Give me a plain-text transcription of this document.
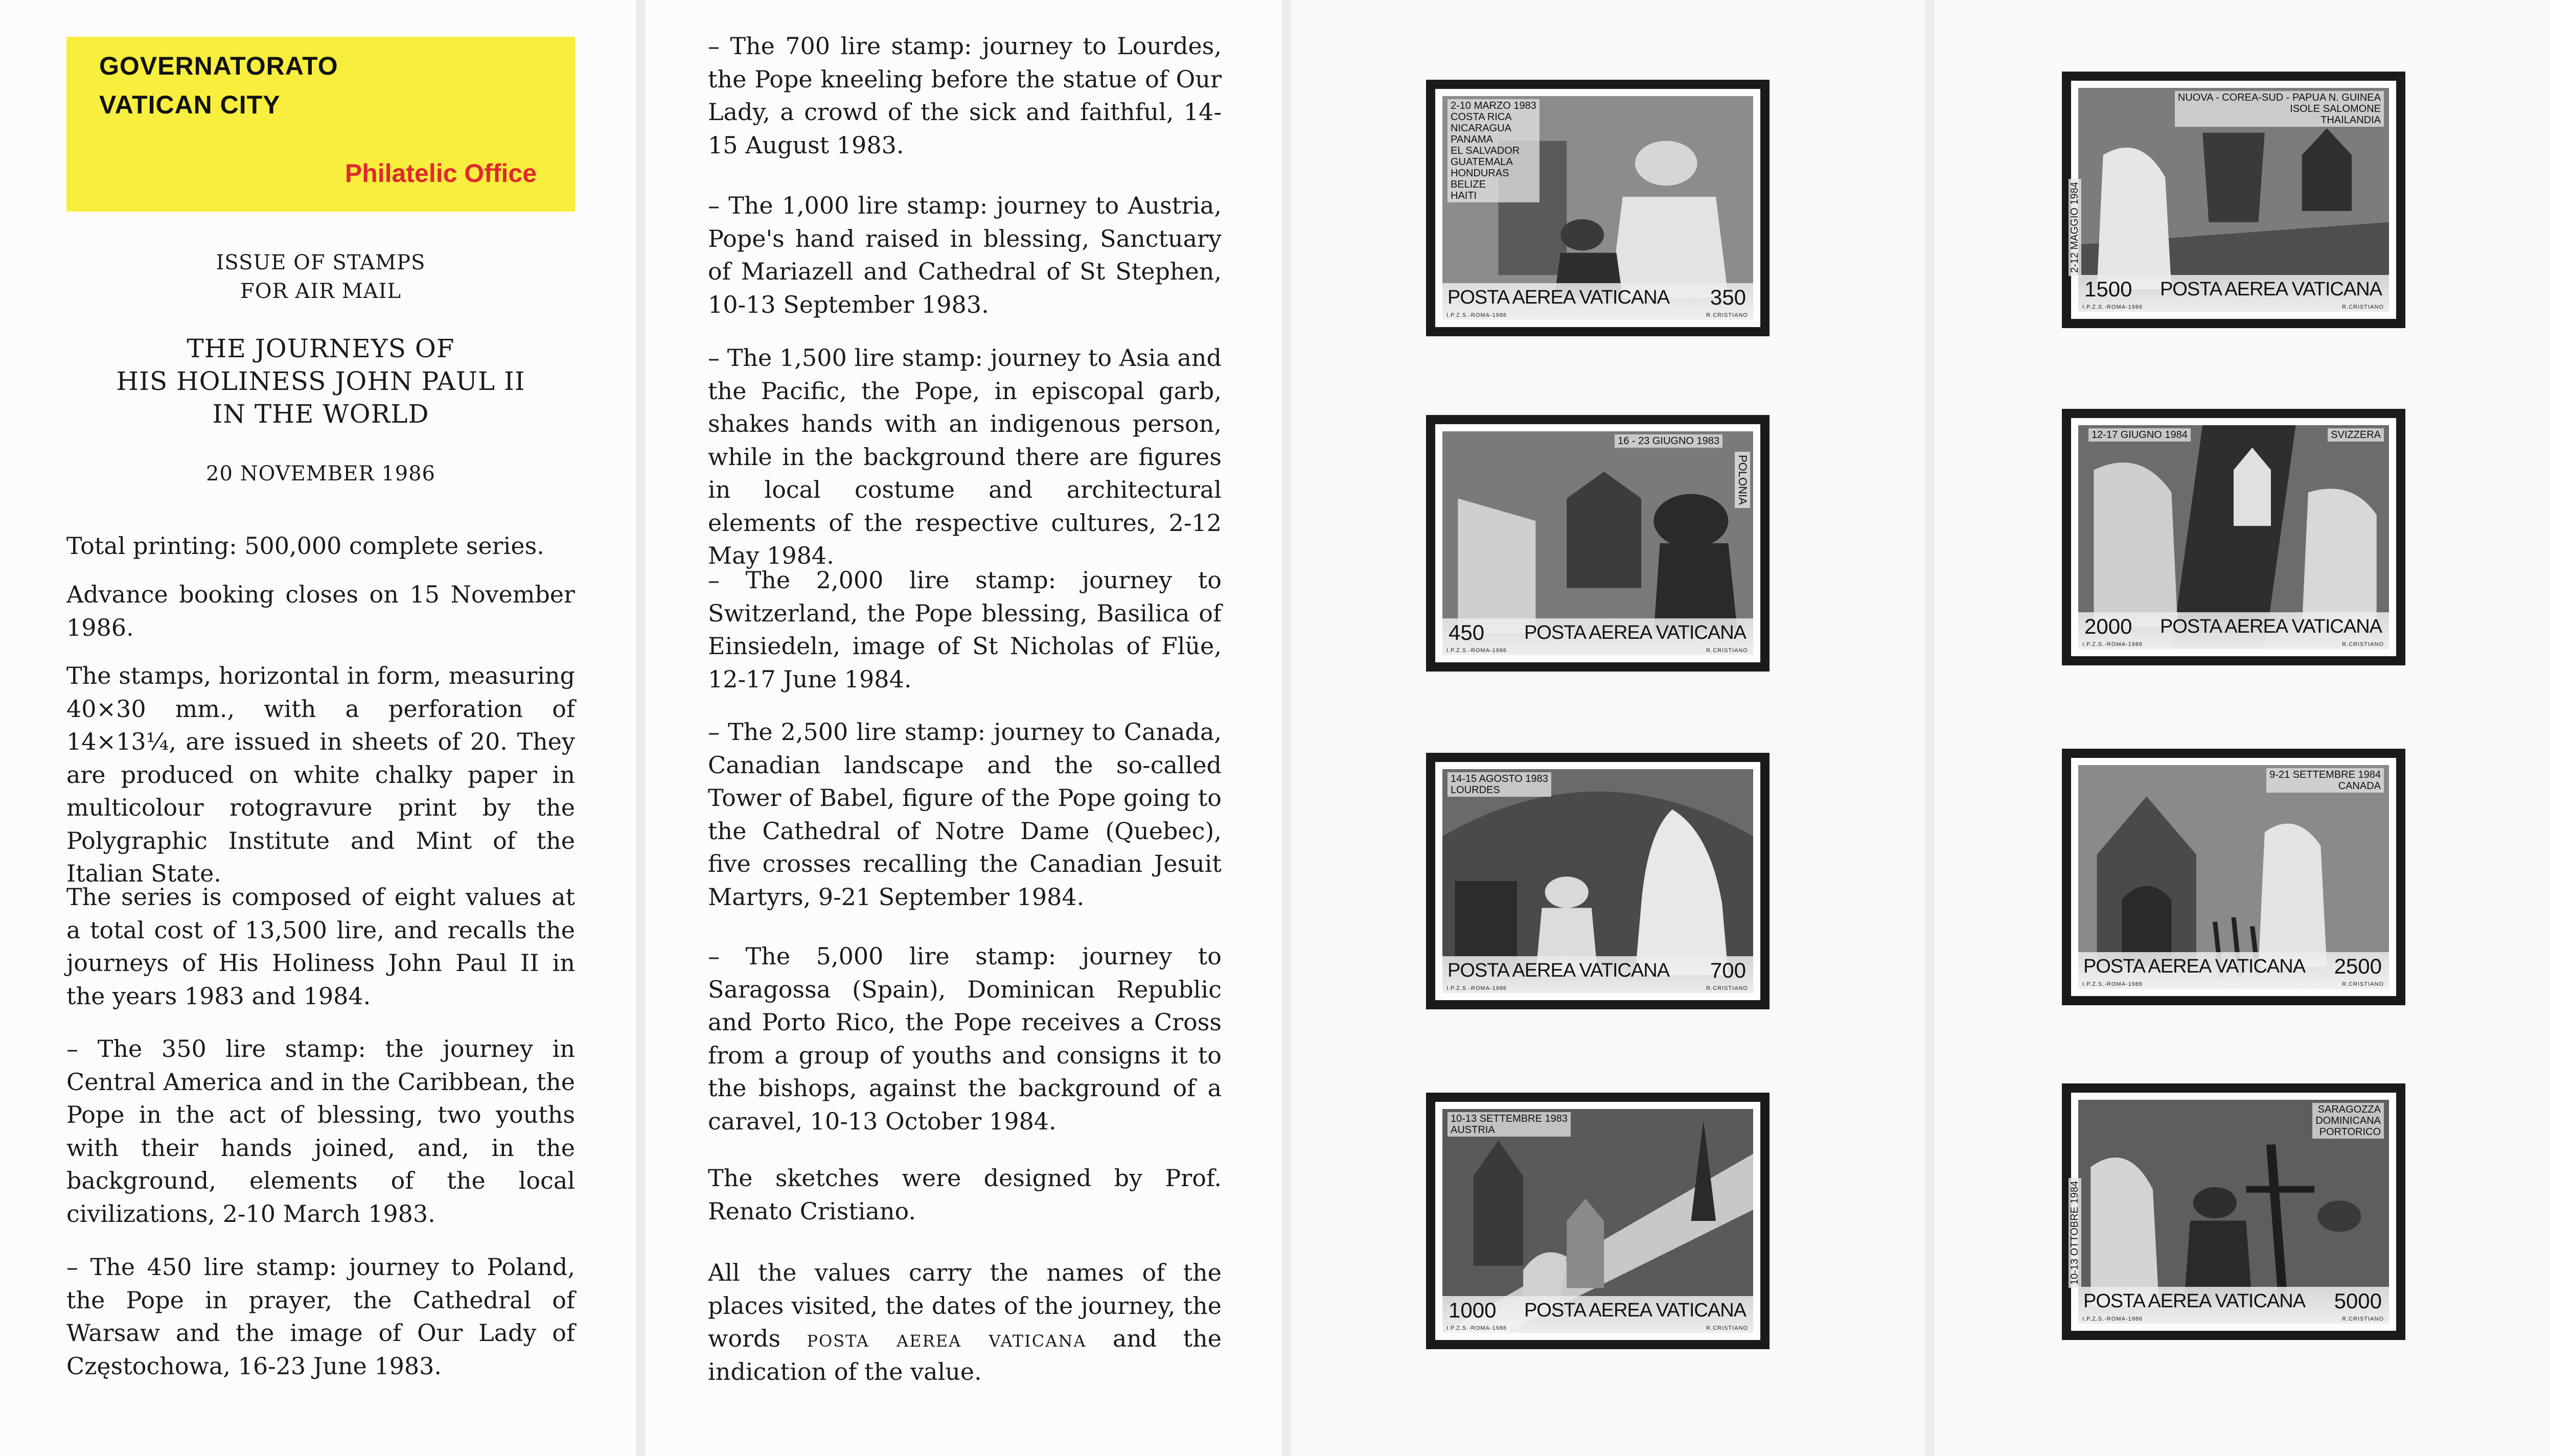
GOVERNATORATO
VATICAN CITY
Philatelic Office
ISSUE OF STAMPS
FOR AIR MAIL
THE JOURNEYS OF
HIS HOLINESS JOHN PAUL II
IN THE WORLD
20 NOVEMBER 1986

Total printing: 500,000 complete series.

Advance booking closes on 15 November 1986.

The stamps, horizontal in form, measuring 40×30 mm., with a perforation of 14×13¼, are issued in sheets of 20. They are produced on white chalky paper in multicolour rotogravure print by the Polygraphic Institute and Mint of the Italian State.

The series is composed of eight values at a total cost of 13,500 lire, and recalls the journeys of His Holiness John Paul II in the years 1983 and 1984.

– The 350 lire stamp: the journey in Central America and in the Caribbean, the Pope in the act of blessing, two youths with their hands joined, and, in the background, elements of the local civilizations, 2-10 March 1983.

– The 450 lire stamp: journey to Poland, the Pope in prayer, the Cathedral of Warsaw and the image of Our Lady of Częstochowa, 16-23 June 1983.

– The 700 lire stamp: journey to Lourdes, the Pope kneeling before the statue of Our Lady, a crowd of the sick and faithful, 14-15 August 1983.

– The 1,000 lire stamp: journey to Austria, Pope's hand raised in blessing, Sanctuary of Mariazell and Cathedral of St Stephen, 10-13 September 1983.

– The 1,500 lire stamp: journey to Asia and the Pacific, the Pope, in episcopal garb, shakes hands with an indigenous person, while in the background there are figures in local costume and architectural elements of the respective cultures, 2-12 May 1984.

– The 2,000 lire stamp: journey to Switzerland, the Pope blessing, Basilica of Einsiedeln, image of St Nicholas of Flüe, 12-17 June 1984.

– The 2,500 lire stamp: journey to Canada, Canadian landscape and the so-called Tower of Babel, figure of the Pope going to the Cathedral of Notre Dame (Quebec), five crosses recalling the Canadian Jesuit Martyrs, 9-21 September 1984.

– The 5,000 lire stamp: journey to Saragossa (Spain), Dominican Republic and Porto Rico, the Pope receives a Cross from a group of youths and consigns it to the bishops, against the background of a caravel, 10-13 October 1984.

The sketches were designed by Prof. Renato Cristiano.

All the values carry the names of the places visited, the dates of the journey, the words posta aerea vaticana and the indication of the value.

2-10 MARZO 1983
COSTA RICA
NICARAGUA
PANAMA
EL SALVADOR
GUATEMALA
HONDURAS
BELIZE
HAITI
POSTA AEREA VATICANA 350
I.P.Z.S.-ROMA-1986	R.CRISTIANO
16 - 23 GIUGNO 1983
POLONIA
450 POSTA AEREA VATICANA
I.P.Z.S.-ROMA-1986	R.CRISTIANO
14-15 AGOSTO 1983
LOURDES
POSTA AEREA VATICANA 700
I.P.Z.S.-ROMA-1986	R.CRISTIANO
10-13 SETTEMBRE 1983
AUSTRIA
1000 POSTA AEREA VATICANA
I.P.Z.S.-ROMA-1986	R.CRISTIANO
NUOVA - COREA-SUD - PAPUA N. GUINEA
ISOLE SALOMONE
THAILANDIA
2-12 MAGGIO 1984
1500 POSTA AEREA VATICANA
I.P.Z.S.-ROMA-1986	R.CRISTIANO
12-17 GIUGNO 1984	SVIZZERA
2000 POSTA AEREA VATICANA
I.P.Z.S.-ROMA-1986	R.CRISTIANO
9-21 SETTEMBRE 1984
CANADA
POSTA AEREA VATICANA 2500
I.P.Z.S.-ROMA-1986	R.CRISTIANO
SARAGOZZA
DOMINICANA
PORTORICO
10-13 OTTOBRE 1984
POSTA AEREA VATICANA 5000
I.P.Z.S.-ROMA-1986	R.CRISTIANO
